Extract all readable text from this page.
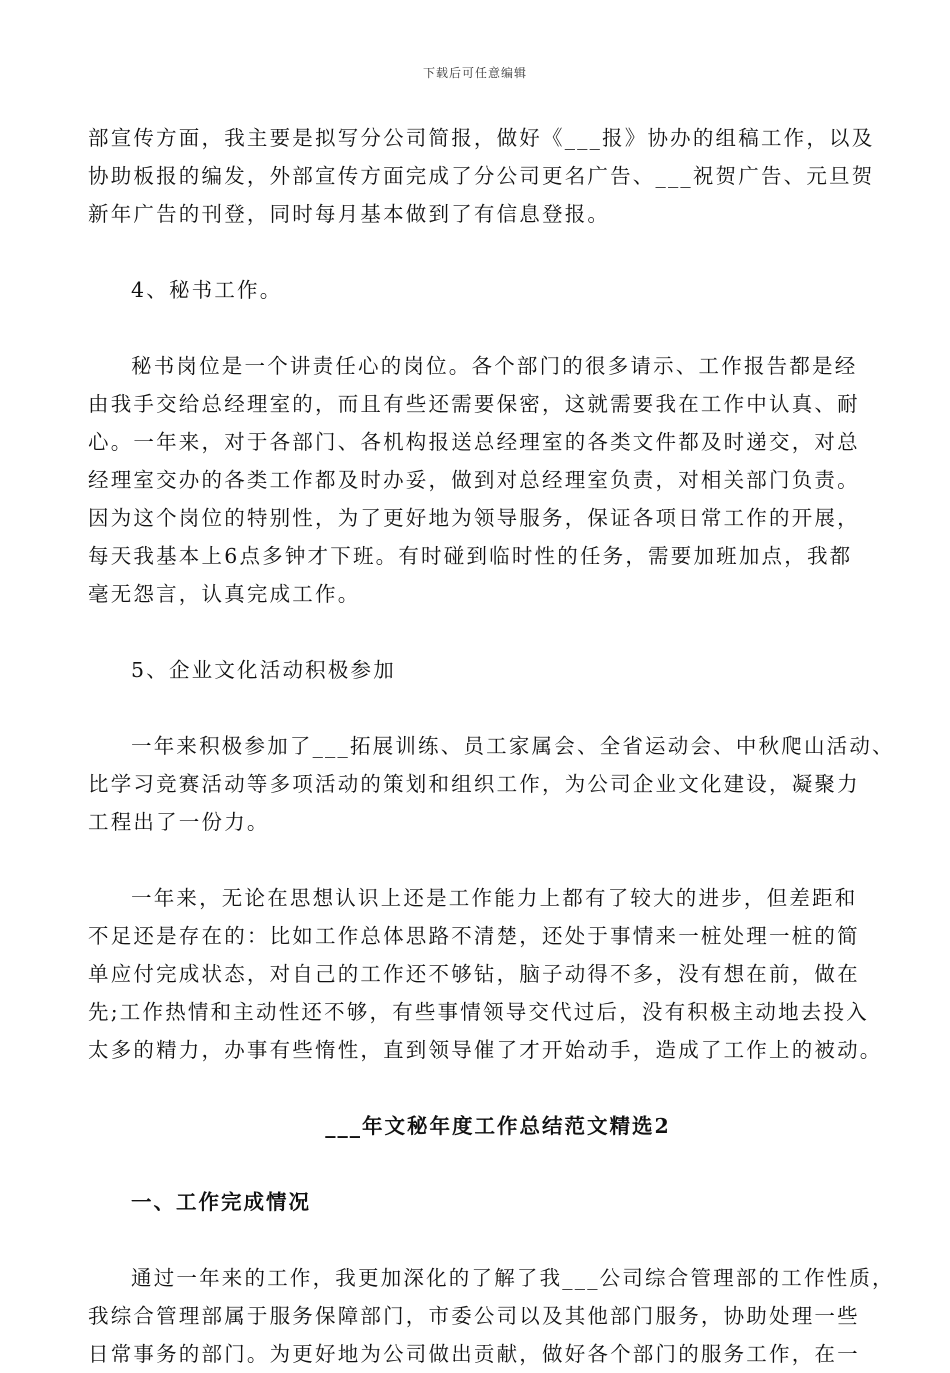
下载后可任意编辑
部宣传方面，我主要是拟写分公司简报，做好《___报》协办的组稿工作，以及
协助板报的编发，外部宣传方面完成了分公司更名广告、___祝贺广告、元旦贺
新年广告的刊登，同时每月基本做到了有信息登报。
4、秘书工作。
秘书岗位是一个讲责任心的岗位。各个部门的很多请示、工作报告都是经
由我手交给总经理室的，而且有些还需要保密，这就需要我在工作中认真、耐
心。一年来，对于各部门、各机构报送总经理室的各类文件都及时递交，对总
经理室交办的各类工作都及时办妥，做到对总经理室负责，对相关部门负责。
因为这个岗位的特别性，为了更好地为领导服务，保证各项日常工作的开展，
每天我基本上6点多钟才下班。有时碰到临时性的任务，需要加班加点，我都
毫无怨言，认真完成工作。
5、企业文化活动积极参加
一年来积极参加了___拓展训练、员工家属会、全省运动会、中秋爬山活动、
比学习竞赛活动等多项活动的策划和组织工作，为公司企业文化建设，凝聚力
工程出了一份力。
一年来，无论在思想认识上还是工作能力上都有了较大的进步，但差距和
不足还是存在的：比如工作总体思路不清楚，还处于事情来一桩处理一桩的简
单应付完成状态，对自己的工作还不够钻，脑子动得不多，没有想在前，做在
先;工作热情和主动性还不够，有些事情领导交代过后，没有积极主动地去投入
太多的精力，办事有些惰性，直到领导催了才开始动手，造成了工作上的被动。
___年文秘年度工作总结范文精选2
一、工作完成情况
通过一年来的工作，我更加深化的了解了我___公司综合管理部的工作性质，
我综合管理部属于服务保障部门，市委公司以及其他部门服务，协助处理一些
日常事务的部门。为更好地为公司做出贡献，做好各个部门的服务工作，在一
